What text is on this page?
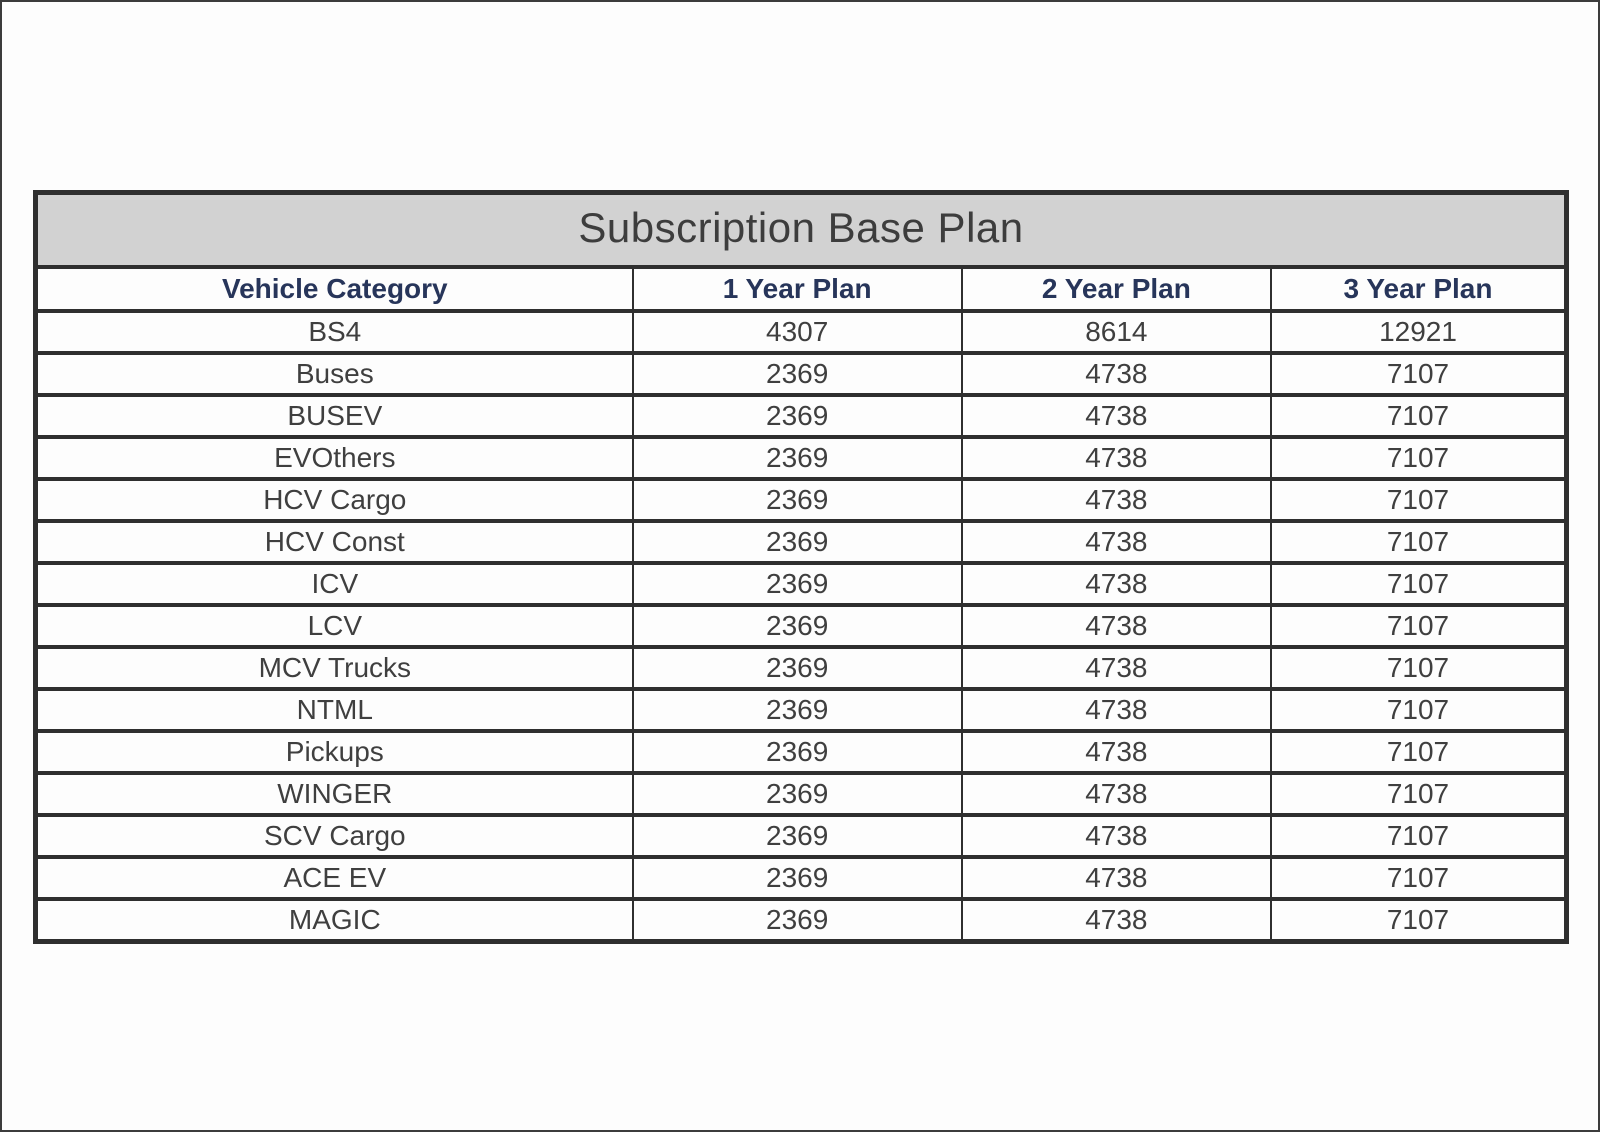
Subscription Base Plan			
Vehicle Category	1 Year Plan	2 Year Plan	3 Year Plan
BS4	4307	8614	12921
Buses	2369	4738	7107
BUSEV	2369	4738	7107
EVOthers	2369	4738	7107
HCV Cargo	2369	4738	7107
HCV Const	2369	4738	7107
ICV	2369	4738	7107
LCV	2369	4738	7107
MCV Trucks	2369	4738	7107
NTML	2369	4738	7107
Pickups	2369	4738	7107
WINGER	2369	4738	7107
SCV Cargo	2369	4738	7107
ACE EV	2369	4738	7107
MAGIC	2369	4738	7107
